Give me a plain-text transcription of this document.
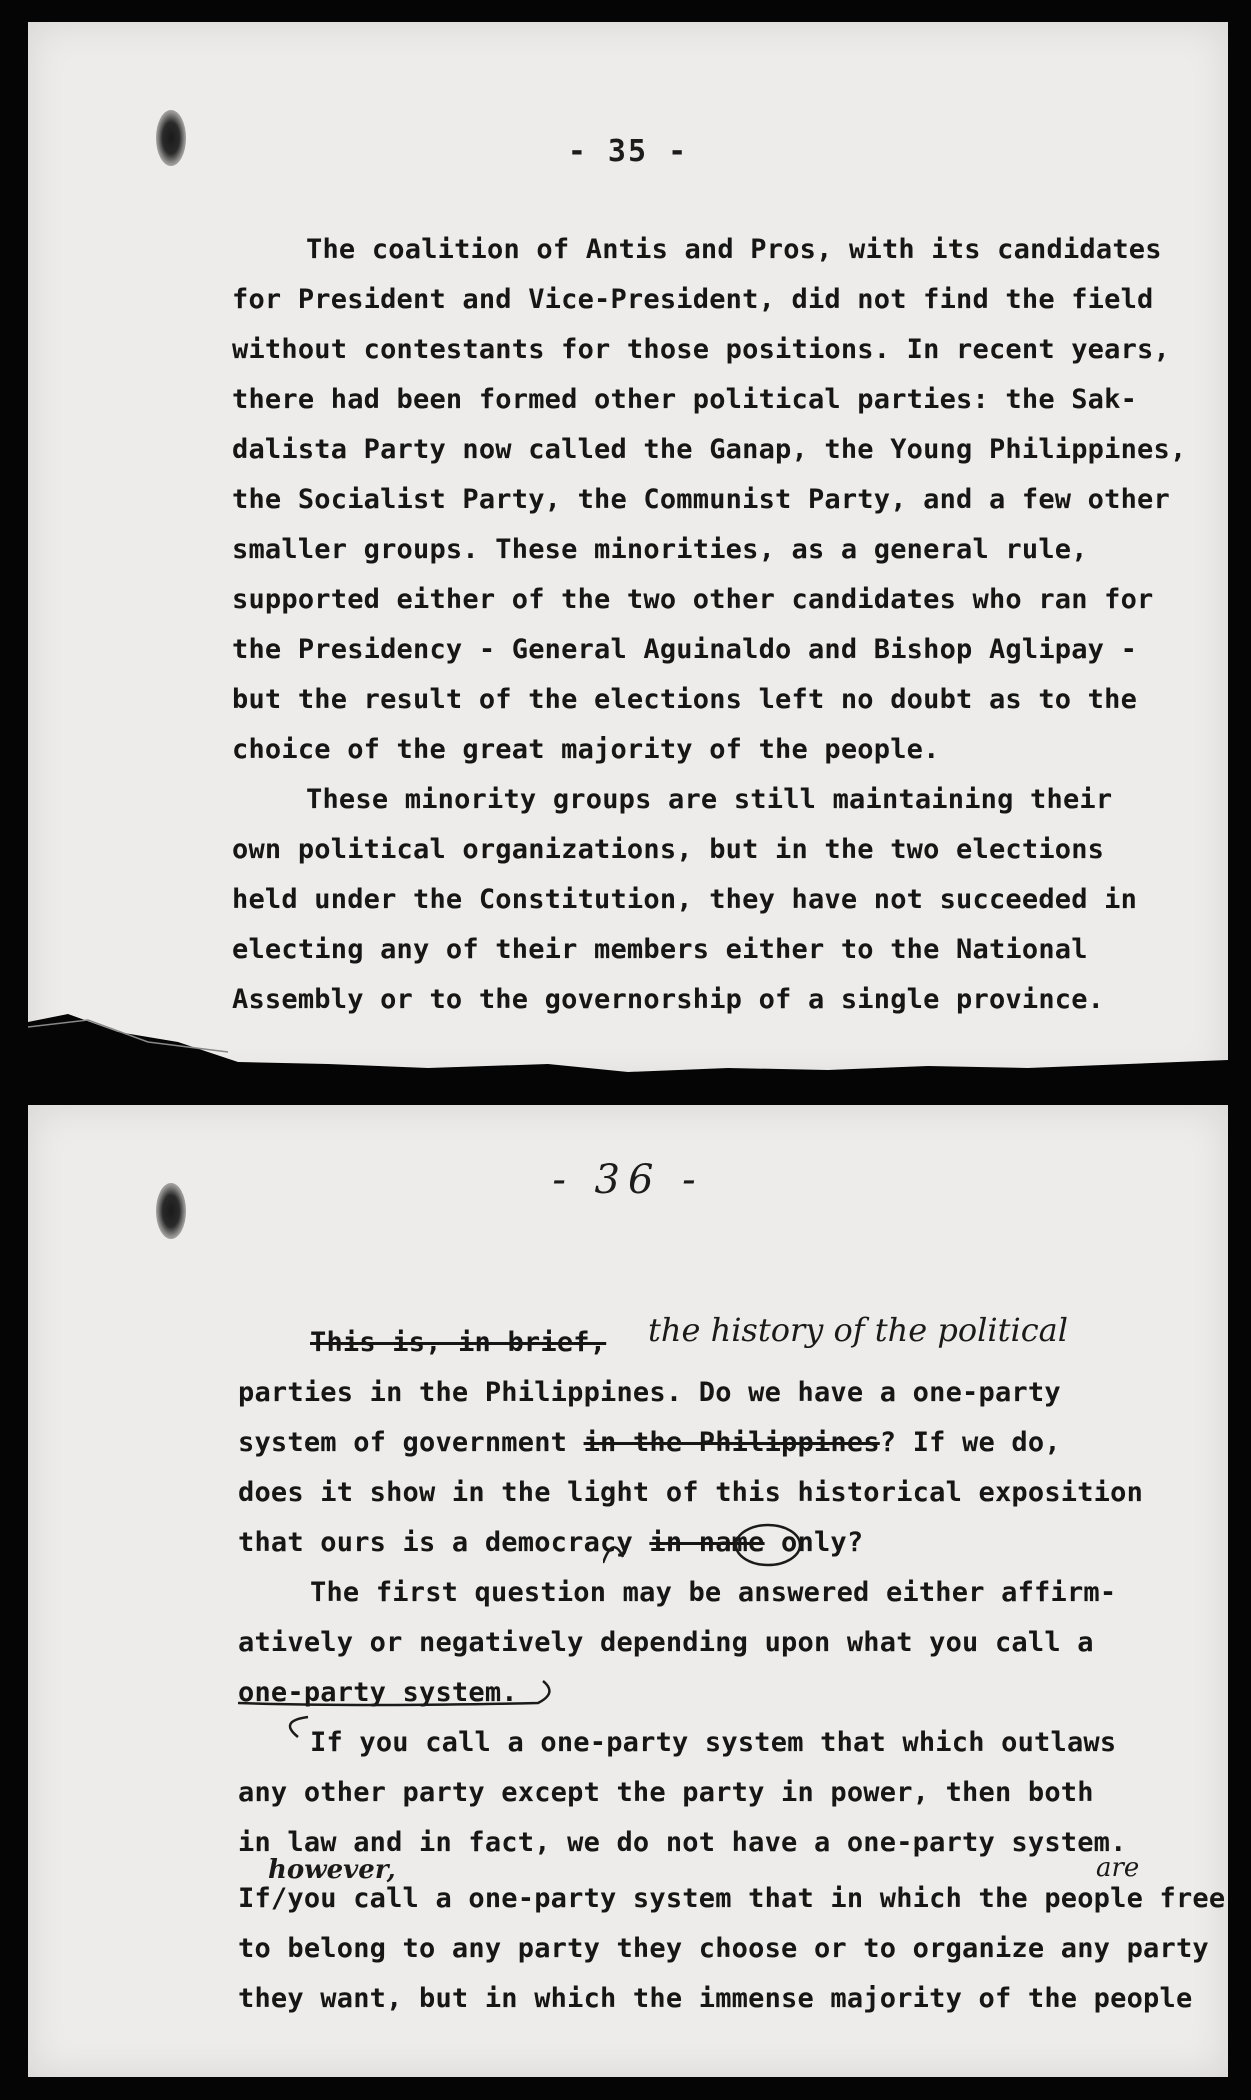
- 35 -
The coalition of Antis and Pros, with its candidates
for President and Vice-President, did not find the field
without contestants for those positions. In recent years,
there had been formed other political parties: the Sak-
dalista Party now called the Ganap, the Young Philippines,
the Socialist Party, the Communist Party, and a few other
smaller groups. These minorities, as a general rule,
supported either of the two other candidates who ran for
the Presidency - General Aguinaldo and Bishop Aglipay -
but the result of the elections left no doubt as to the
choice of the great majority of the people.
These minority groups are still maintaining their
own political organizations, but in the two elections
held under the Constitution, they have not succeeded in
electing any of their members either to the National
Assembly or to the governorship of a single province.
- 36 -
This is, in brief, the history of the political
parties in the Philippines. Do we have a one-party
system of government in the Philippines? If we do,
does it show in the light of this historical exposition
that ours is a democracy in name only?
The first question may be answered either affirm-
atively or negatively depending upon what you call a
one-party system.
If you call a one-party system that which outlaws
any other party except the party in power, then both
in law and in fact, we do not have a one-party system.
however,	are
If/you call a one-party system that in which the people free
to belong to any party they choose or to organize any party
they want, but in which the immense majority of the people
